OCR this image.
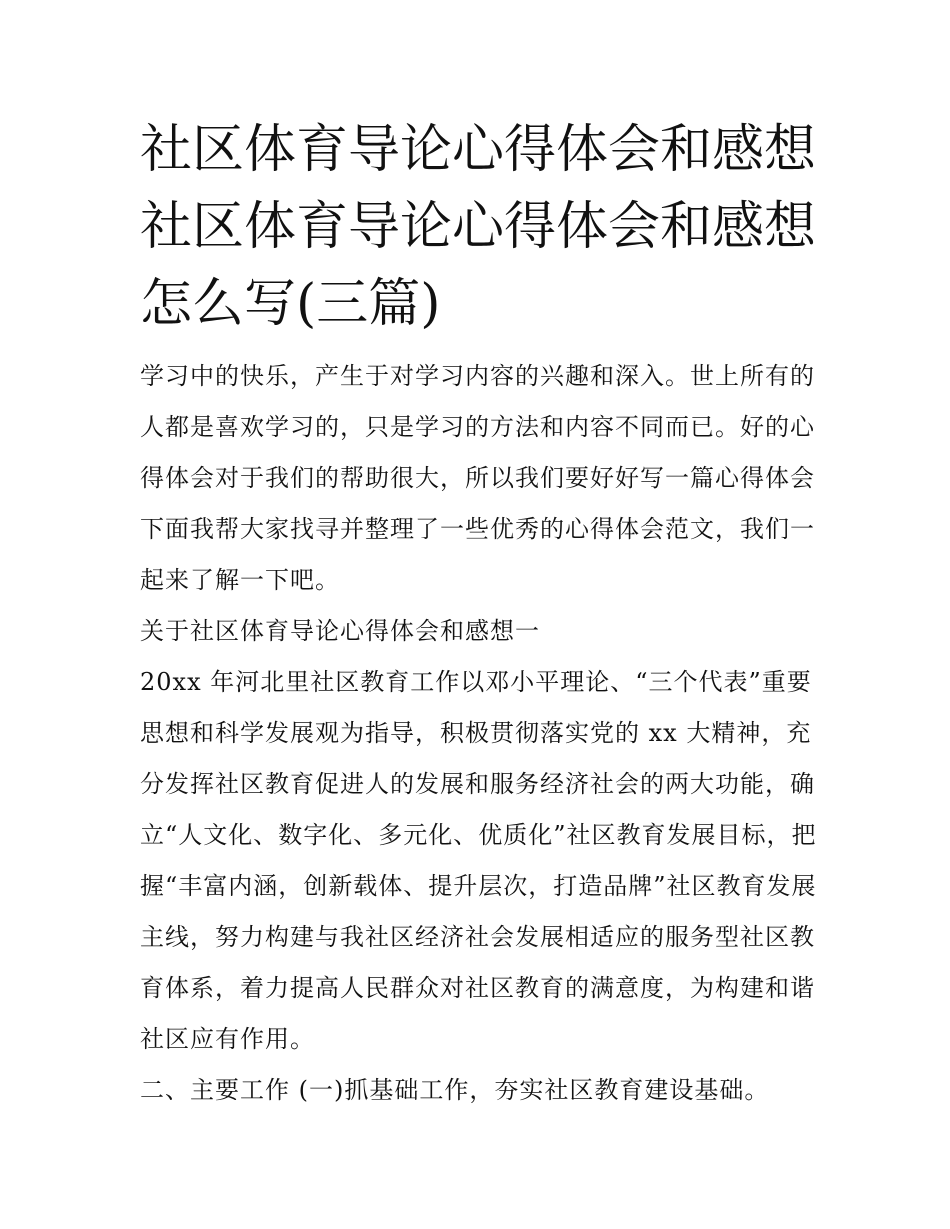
社区体育导论心得体会和感想
社区体育导论心得体会和感想
怎么写(三篇)

学习中的快乐，产生于对学习内容的兴趣和深入。世上所有的
人都是喜欢学习的，只是学习的方法和内容不同而已。好的心
得体会对于我们的帮助很大，所以我们要好好写一篇心得体会
下面我帮大家找寻并整理了一些优秀的心得体会范文，我们一
起来了解一下吧。

关于社区体育导论心得体会和感想一

20xx 年河北里社区教育工作以邓小平理论、“三个代表”重要
思想和科学发展观为指导，积极贯彻落实党的 xx 大精神，充
分发挥社区教育促进人的发展和服务经济社会的两大功能，确
立“人文化、数字化、多元化、优质化”社区教育发展目标，把
握“丰富内涵，创新载体、提升层次，打造品牌”社区教育发展
主线，努力构建与我社区经济社会发展相适应的服务型社区教
育体系，着力提高人民群众对社区教育的满意度，为构建和谐
社区应有作用。

二、主要工作 (一)抓基础工作，夯实社区教育建设基础。
